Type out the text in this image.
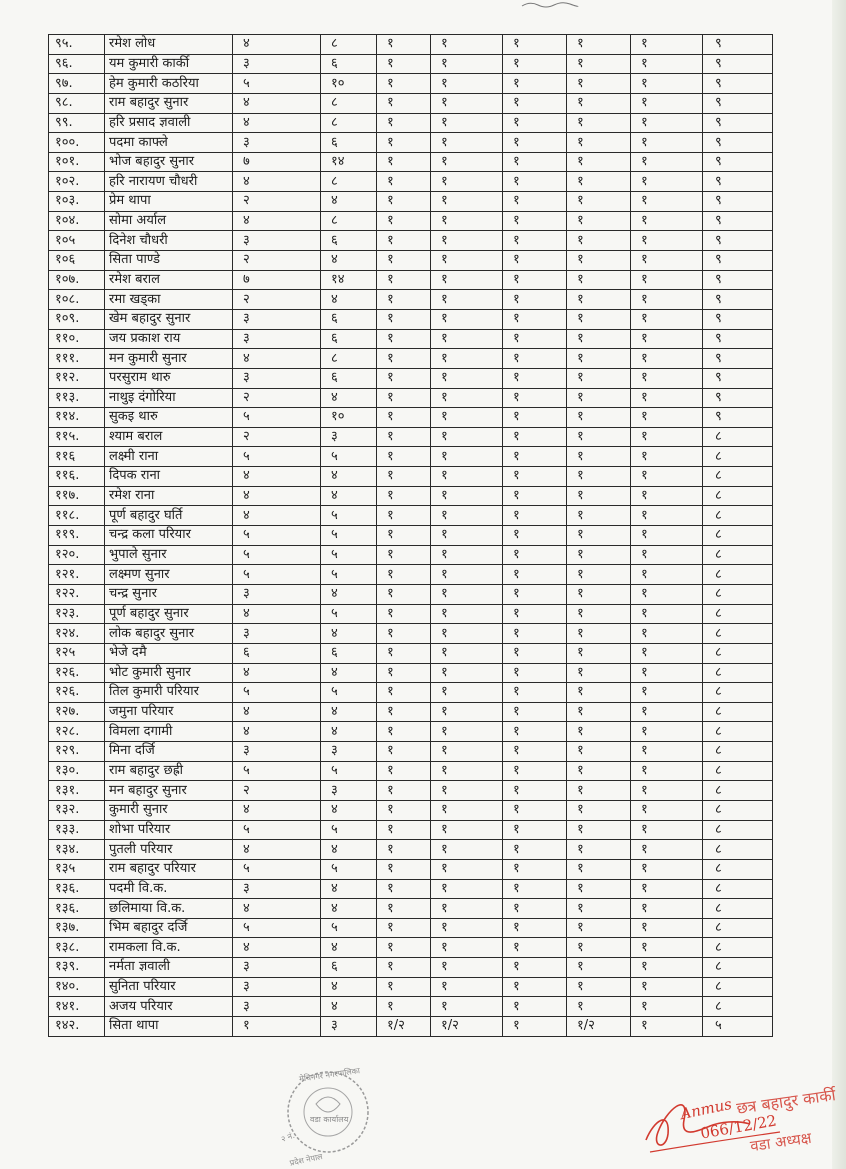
९५.	रमेश लोध	४	८	१	१	१	१	१	९
९६.	यम कुमारी कार्की	३	६	१	१	१	१	१	९
९७.	हेम कुमारी कठरिया	५	१०	१	१	१	१	१	९
९८.	राम बहादुर सुनार	४	८	१	१	१	१	१	९
९९.	हरि प्रसाद ज्ञवाली	४	८	१	१	१	१	१	९
१००.	पदमा काफ्ले	३	६	१	१	१	१	१	९
१०१.	भोज बहादुर सुनार	७	१४	१	१	१	१	१	९
१०२.	हरि नारायण चौधरी	४	८	१	१	१	१	१	९
१०३.	प्रेम थापा	२	४	१	१	१	१	१	९
१०४.	सोमा अर्याल	४	८	१	१	१	१	१	९
१०५	दिनेश चौधरी	३	६	१	१	१	१	१	९
१०६	सिता पाण्डे	२	४	१	१	१	१	१	९
१०७.	रमेश बराल	७	१४	१	१	१	१	१	९
१०८.	रमा खड्का	२	४	१	१	१	१	१	९
१०९.	खेम बहादुर सुनार	३	६	१	१	१	१	१	९
११०.	जय प्रकाश राय	३	६	१	१	१	१	१	९
१११.	मन कुमारी सुनार	४	८	१	१	१	१	१	९
११२.	परसुराम थारु	३	६	१	१	१	१	१	९
११३.	नाथुइ दंगोरिया	२	४	१	१	१	१	१	९
११४.	सुकइ थारु	५	१०	१	१	१	१	१	९
११५.	श्याम बराल	२	३	१	१	१	१	१	८
११६	लक्ष्मी राना	५	५	१	१	१	१	१	८
११६.	दिपक राना	४	४	१	१	१	१	१	८
११७.	रमेश राना	४	४	१	१	१	१	१	८
११८.	पूर्ण बहादुर घर्ति	४	५	१	१	१	१	१	८
११९.	चन्द्र कला परियार	५	५	१	१	१	१	१	८
१२०.	भुपाले सुनार	५	५	१	१	१	१	१	८
१२१.	लक्ष्मण सुनार	५	५	१	१	१	१	१	८
१२२.	चन्द्र सुनार	३	४	१	१	१	१	१	८
१२३.	पूर्ण बहादुर सुनार	४	५	१	१	१	१	१	८
१२४.	लोक बहादुर सुनार	३	४	१	१	१	१	१	८
१२५	भेजे दमै	६	६	१	१	१	१	१	८
१२६.	भोट कुमारी सुनार	४	४	१	१	१	१	१	८
१२६.	तिल कुमारी परियार	५	५	१	१	१	१	१	८
१२७.	जमुना परियार	४	४	१	१	१	१	१	८
१२८.	विमला दगामी	४	४	१	१	१	१	१	८
१२९.	मिना दर्जि	३	३	१	१	१	१	१	८
१३०.	राम बहादुर छह्री	५	५	१	१	१	१	१	८
१३१.	मन बहादुर सुनार	२	३	१	१	१	१	१	८
१३२.	कुमारी सुनार	४	४	१	१	१	१	१	८
१३३.	शोभा परियार	५	५	१	१	१	१	१	८
१३४.	पुतली परियार	४	४	१	१	१	१	१	८
१३५	राम बहादुर परियार	५	५	१	१	१	१	१	८
१३६.	पदमी वि.क.	३	४	१	१	१	१	१	८
१३६.	छलिमाया वि.क.	४	४	१	१	१	१	१	८
१३७.	भिम बहादुर दर्जि	५	५	१	१	१	१	१	८
१३८.	रामकला वि.क.	४	४	१	१	१	१	१	८
१३९.	नर्मता ज्ञवाली	३	६	१	१	१	१	१	८
१४०.	सुनिता परियार	३	४	१	१	१	१	१	८
१४१.	अजय परियार	३	४	१	१	१	१	१	८
१४२.	सिता थापा	१	३	१/२	१/२	१	१/२	१	५
मेचिनगर नगरपालिका
वडा कार्यालय
२ नं.
प्रदेश नेपाल
Anmus
066/12/22
छत्र बहादुर कार्की
वडा अध्यक्ष
